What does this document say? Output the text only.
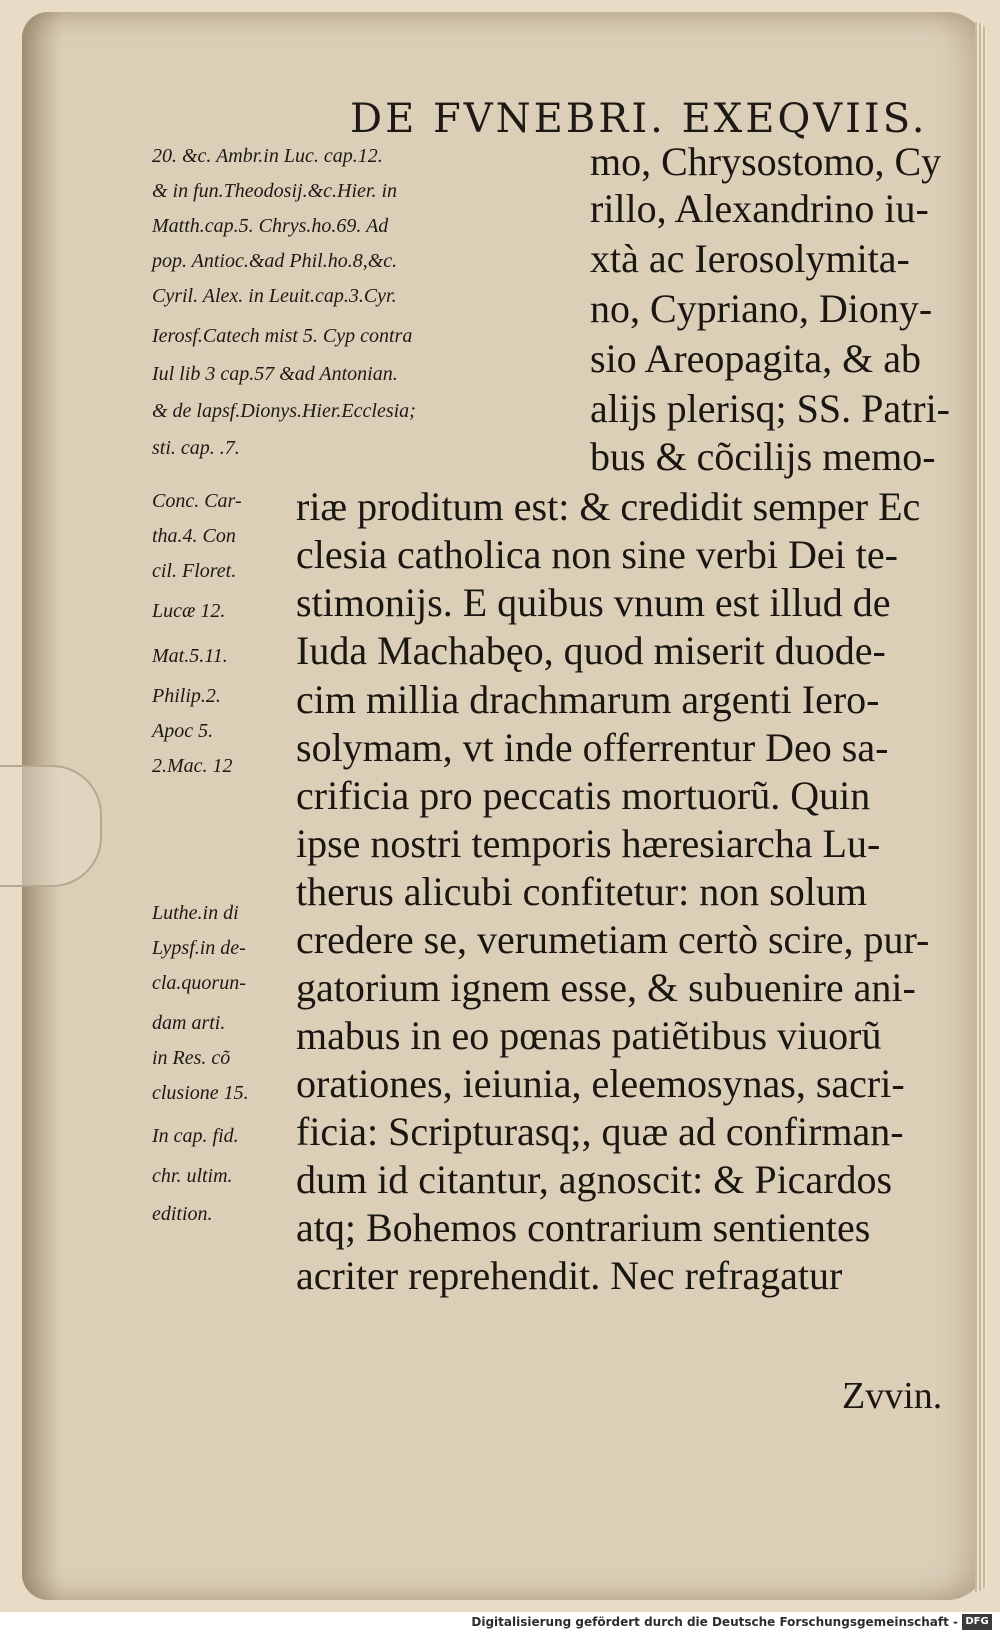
DE FVNEBRI. EXEQVIIS.
20. &c. Ambr.in Luc. cap.12.
& in fun.Theodosij.&c.Hier. in
Matth.cap.5. Chrys.ho.69. Ad
pop. Antioc.&ad Phil.ho.8,&c.
Cyril. Alex. in Leuit.cap.3.Cyr.
Ierosf.Catech mist 5. Cyp contra
Iul lib 3 cap.57 &ad Antonian.
& de lapsf.Dionys.Hier.Ecclesia;
sti. cap. .7.
Conc. Car-
tha.4. Con
cil. Floret.
Lucæ 12.
Mat.5.11.
Philip.2.
Apoc 5.
2.Mac. 12
Luthe.in di
Lypsf.in de-
cla.quorun-
dam arti.
in Res. cõ
clusione 15.
In cap. fid.
chr. ultim.
edition.
mo, Chrysostomo, Cy
rillo, Alexandrino iu-
xtà ac Ierosolymita-
no, Cypriano, Diony-
sio Areopagita, & ab
alijs plerisq; SS. Patri-
bus & cõcilijs memo-
riæ proditum est: & credidit semper Ec
clesia catholica non sine verbi Dei te-
stimonijs. E quibus vnum est illud de
Iuda Machabęo, quod miserit duode-
cim millia drachmarum argenti Iero-
solymam, vt inde offerrentur Deo sa-
crificia pro peccatis mortuorũ. Quin
ipse nostri temporis hæresiarcha Lu-
therus alicubi confitetur: non solum
credere se, verumetiam certò scire, pur-
gatorium ignem esse, & subuenire ani-
mabus in eo pœnas patiẽtibus viuorũ
orationes, ieiunia, eleemosynas, sacri-
ficia: Scripturasq;, quæ ad confirman-
dum id citantur, agnoscit: & Picardos
atq; Bohemos contrarium sentientes
acriter reprehendit. Nec refragatur
Zvvin.
Digitalisierung gefördert durch die Deutsche Forschungsgemeinschaft - DFG
